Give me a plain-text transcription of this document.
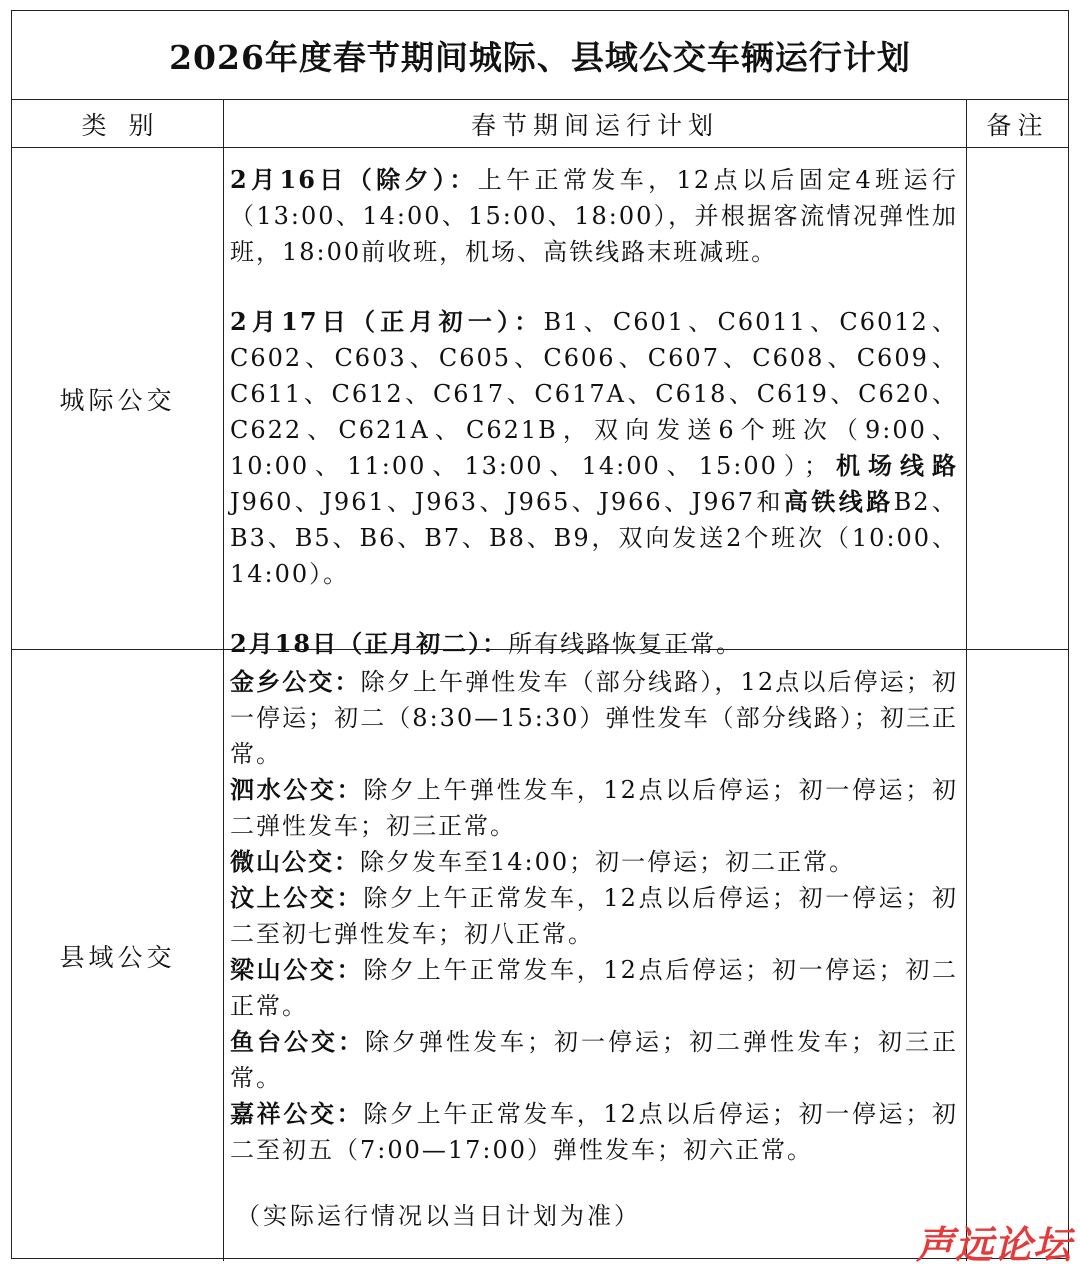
2026年度春节期间城际、县域公交车辆运行计划
类别	春节期间运行计划	备注
城际公交

2月16日（除夕）：上午正常发车，12点以后固定4班运行（13:00、14:00、15:00、18:00），并根据客流情况弹性加班，18:00前收班，机场、高铁线路末班减班。

2月17日（正月初一）：B1、C601、C6011、C6012、C602、C603、C605、C606、C607、C608、C609、C611、C612、C617、C617A、C618、C619、C620、C622、C621A、C621B，双向发送6个班次（9:00、10:00、11:00、13:00、14:00、15:00）；机场线路J960、J961、J963、J965、J966、J967和高铁线路B2、B3、B5、B6、B7、B8、B9，双向发送2个班次（10:00、14:00）。

2月18日（正月初二）：所有线路恢复正常。

县域公交

金乡公交：除夕上午弹性发车（部分线路），12点以后停运；初一停运；初二（8:30—15:30）弹性发车（部分线路）；初三正常。

泗水公交：除夕上午弹性发车，12点以后停运；初一停运；初二弹性发车；初三正常。

微山公交：除夕发车至14:00；初一停运；初二正常。

汶上公交：除夕上午正常发车，12点以后停运；初一停运；初二至初七弹性发车；初八正常。

梁山公交：除夕上午正常发车，12点后停运；初一停运；初二正常。

鱼台公交：除夕弹性发车；初一停运；初二弹性发车；初三正常。

嘉祥公交：除夕上午正常发车，12点以后停运；初一停运；初二至初五（7:00—17:00）弹性发车；初六正常。

（实际运行情况以当日计划为准）

声远论坛
